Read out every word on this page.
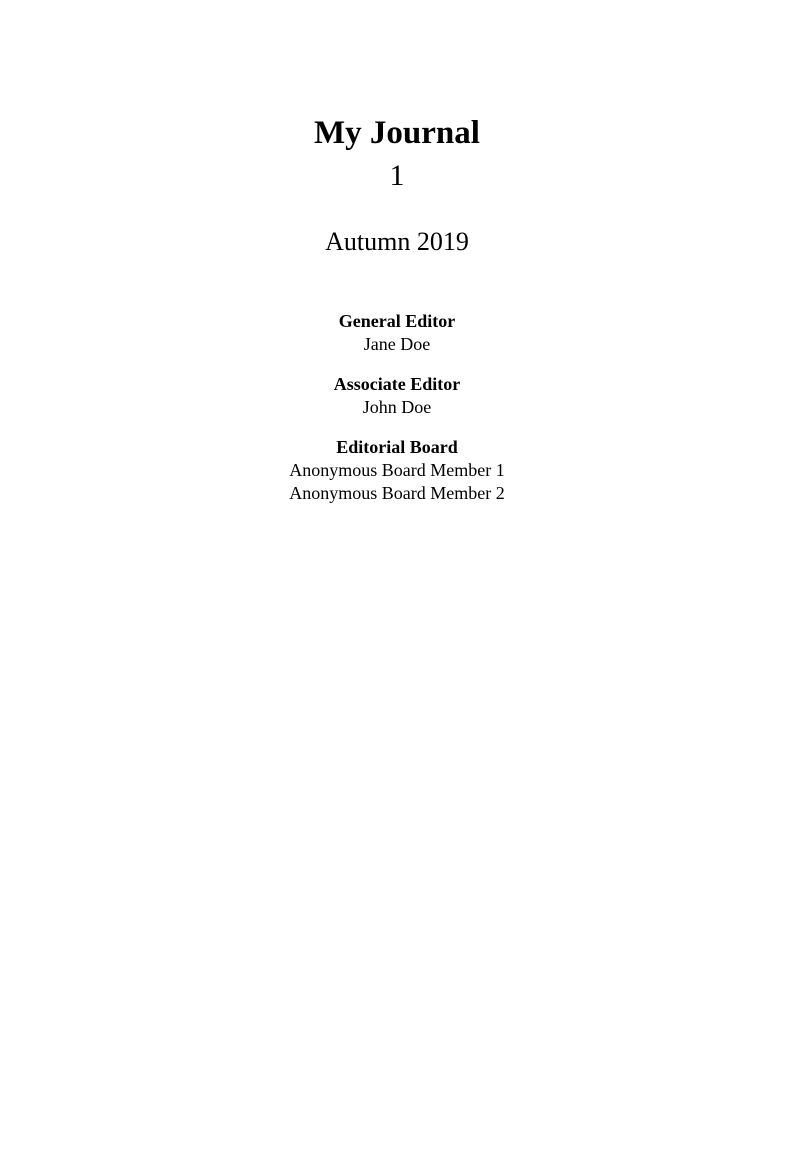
My Journal
1
Autumn 2019
General Editor
Jane Doe
Associate Editor
John Doe
Editorial Board
Anonymous Board Member 1
Anonymous Board Member 2
